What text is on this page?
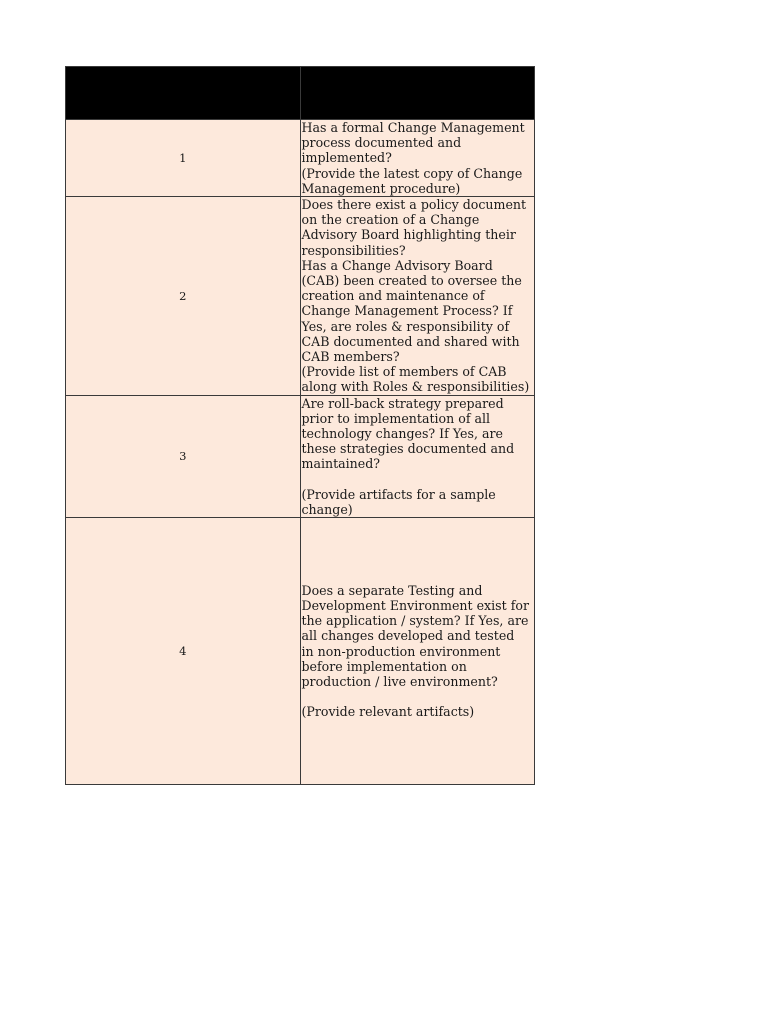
1	Has a formal Change Management process documented and implemented?
(Provide the latest copy of Change Management procedure)

2	Does there exist a policy document on the creation of a Change Advisory Board highlighting their responsibilities?
Has a Change Advisory Board (CAB) been created to oversee the creation and maintenance of Change Management Process? If Yes, are roles & responsibility of CAB documented and shared with CAB members?
(Provide list of members of CAB along with Roles & responsibilities)

3	Are roll-back strategy prepared prior to implementation of all technology changes? If Yes, are these strategies documented and maintained?

(Provide artifacts for a sample change)

4	Does a separate Testing and Development Environment exist for the application / system? If Yes, are all changes developed and tested in non-production environment before implementation on production / live environment?

(Provide relevant artifacts)
